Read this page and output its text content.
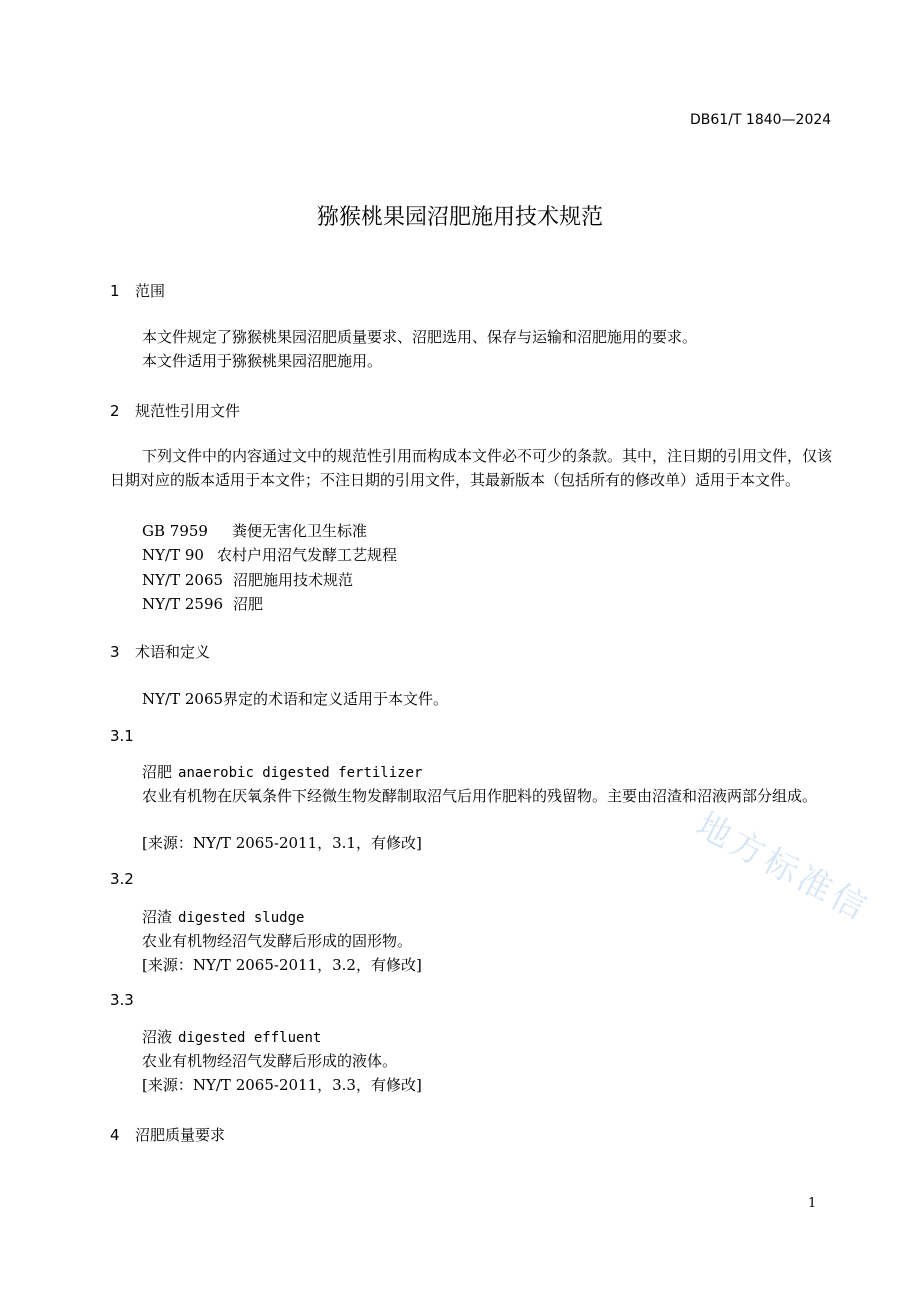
DB61/T 1840—2024
猕猴桃果园沼肥施用技术规范
1 范围
本文件规定了猕猴桃果园沼肥质量要求、沼肥选用、保存与运输和沼肥施用的要求。
本文件适用于猕猴桃果园沼肥施用。
2 规范性引用文件
下列文件中的内容通过文中的规范性引用而构成本文件必不可少的条款。其中，注日期的引用文件，仅该日期对应的版本适用于本文件；不注日期的引用文件，其最新版本（包括所有的修改单）适用于本文件。
GB 7959 粪便无害化卫生标准
NY/T 90 农村户用沼气发酵工艺规程
NY/T 2065 沼肥施用技术规范
NY/T 2596 沼肥
3 术语和定义
NY/T 2065界定的术语和定义适用于本文件。
3.1
沼肥 anaerobic digested fertilizer
农业有机物在厌氧条件下经微生物发酵制取沼气后用作肥料的残留物。主要由沼渣和沼液两部分组成。
[来源：NY/T 2065-2011，3.1，有修改]
3.2
沼渣 digested sludge
农业有机物经沼气发酵后形成的固形物。
[来源：NY/T 2065-2011，3.2，有修改]
3.3
沼液 digested effluent
农业有机物经沼气发酵后形成的液体。
[来源：NY/T 2065-2011，3.3，有修改]
4 沼肥质量要求
地方标准信
1
